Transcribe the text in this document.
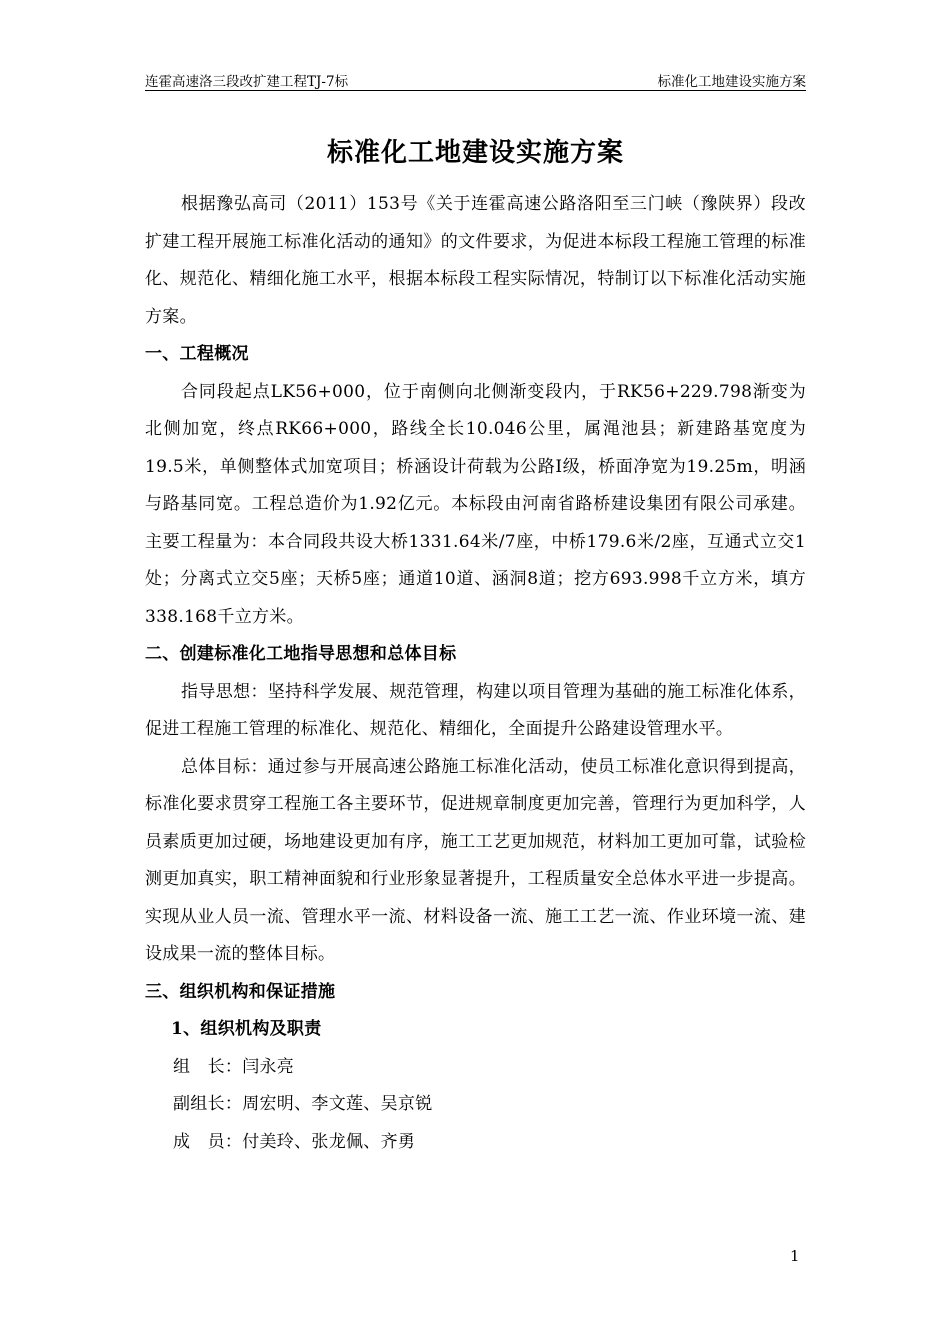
连霍高速洛三段改扩建工程TJ-7标	标准化工地建设实施方案
标准化工地建设实施方案

根据豫弘高司（2011）153号《关于连霍高速公路洛阳至三门峡（豫陕界）段改扩建工程开展施工标准化活动的通知》的文件要求，为促进本标段工程施工管理的标准化、规范化、精细化施工水平，根据本标段工程实际情况，特制订以下标准化活动实施方案。

一、工程概况

合同段起点LK56+000，位于南侧向北侧渐变段内，于RK56+229.798渐变为北侧加宽，终点RK66+000，路线全长10.046公里，属渑池县；新建路基宽度为19.5米，单侧整体式加宽项目；桥涵设计荷载为公路Ⅰ级，桥面净宽为19.25m，明涵与路基同宽。工程总造价为1.92亿元。本标段由河南省路桥建设集团有限公司承建。主要工程量为：本合同段共设大桥1331.64米/7座，中桥179.6米/2座，互通式立交1处；分离式立交5座；天桥5座；通道10道、涵洞8道；挖方693.998千立方米，填方338.168千立方米。

二、创建标准化工地指导思想和总体目标

指导思想：坚持科学发展、规范管理，构建以项目管理为基础的施工标准化体系，促进工程施工管理的标准化、规范化、精细化，全面提升公路建设管理水平。

总体目标：通过参与开展高速公路施工标准化活动，使员工标准化意识得到提高，标准化要求贯穿工程施工各主要环节，促进规章制度更加完善，管理行为更加科学，人员素质更加过硬，场地建设更加有序，施工工艺更加规范，材料加工更加可靠，试验检测更加真实，职工精神面貌和行业形象显著提升，工程质量安全总体水平进一步提高。实现从业人员一流、管理水平一流、材料设备一流、施工工艺一流、作业环境一流、建设成果一流的整体目标。

三、组织机构和保证措施

1、组织机构及职责

组　长：闫永亮

副组长：周宏明、李文莲、吴京锐

成　员：付美玲、张龙佩、齐勇

1
